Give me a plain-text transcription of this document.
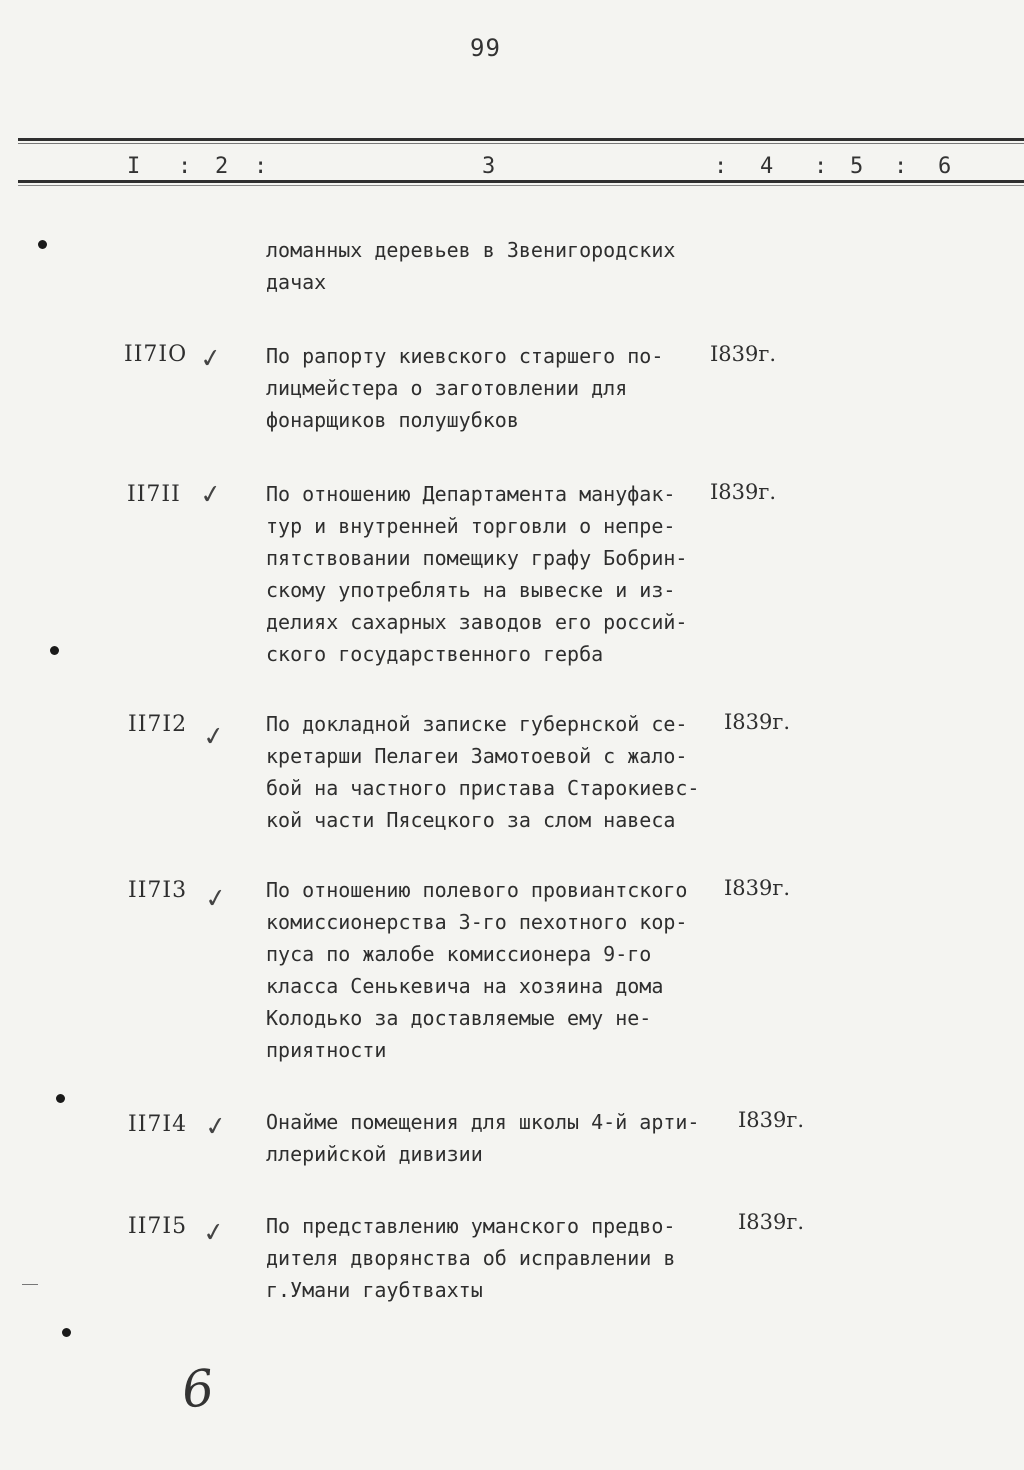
99
I : 2 :	3	: 4 : 5 : 6
ломанных деревьев в Звенигородских
дачах
II7IO ✓ По рапорту киевского старшего по-
лицмейстера о заготовлении для
фонарщиков полушубков
I839г.
II7II ✓ По отношению Департамента мануфак-
тур и внутренней торговли о непре-
пятствовании помещику графу Бобрин-
скому употреблять на вывеске и из-
делиях сахарных заводов его россий-
ского государственного герба
I839г.
II7I2 ✓ По докладной записке губернской се-
кретарши Пелагеи Замотоевой с жало-
бой на частного пристава Старокиевс-
кой части Пясецкого за слом навеса
I839г.
II7I3 ✓ По отношению полевого провиантского
комиссионерства 3-го пехотного кор-
пуса по жалобе комиссионера 9-го
класса Сенькевича на хозяина дома
Колодько за доставляемые ему не-
приятности
I839г.
II7I4 ✓ Онайме помещения для школы 4-й арти-
ллерийской дивизии
I839г.
II7I5 ✓ По представлению уманского предво-
дителя дворянства об исправлении в
г.Умани гаубтвахты
I839г.
6
